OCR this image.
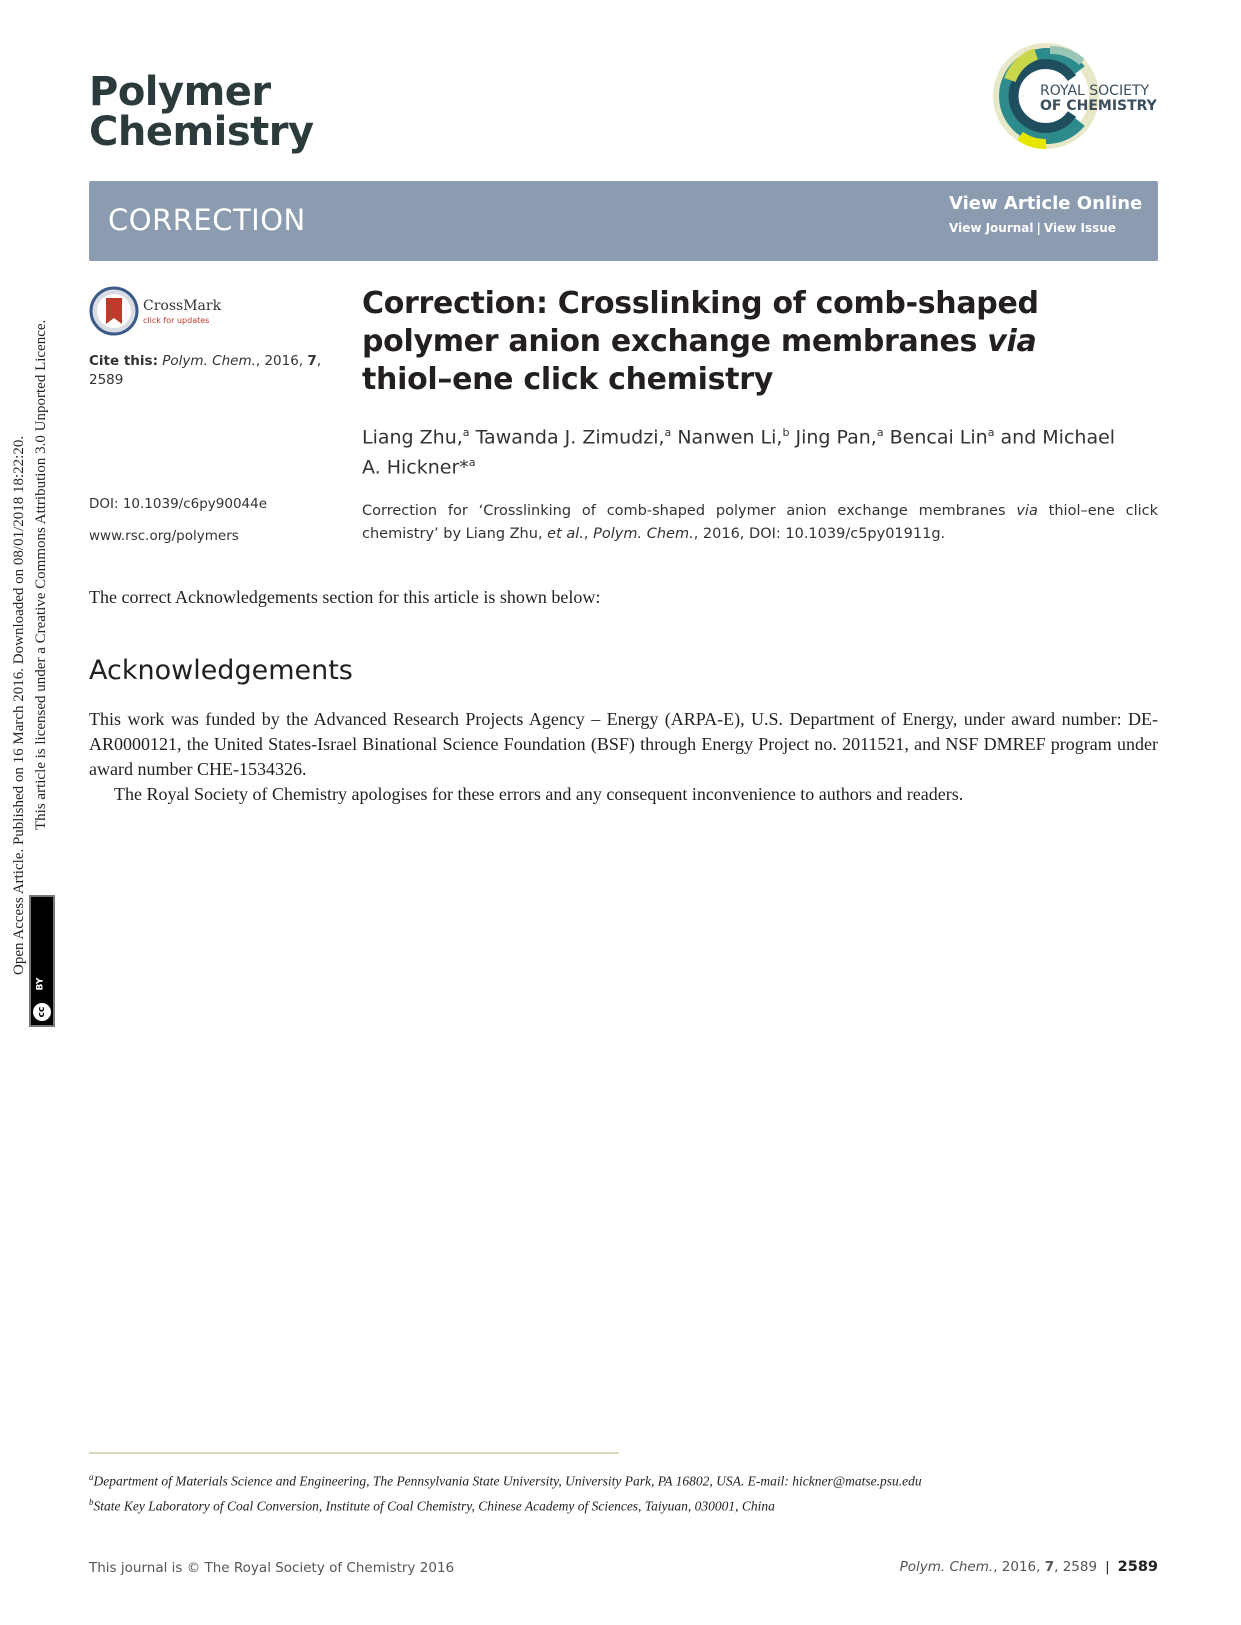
Polymer
Chemistry
ROYAL SOCIETY
OF CHEMISTRY
CORRECTION	View Article Online
View Journal | View Issue
CrossMark
click for updates
Cite this: Polym. Chem., 2016, 7,
2589
DOI: 10.1039/c6py90044e
www.rsc.org/polymers
Correction: Crosslinking of comb-shaped polymer anion exchange membranes via thiol–ene click chemistry
Liang Zhu,$^a$ Tawanda J. Zimudzi,$^a$ Nanwen Li,$^b$ Jing Pan,$^a$ Bencai Lin$^a$ and Michael A. Hickner*$^a$
Correction for ‘Crosslinking of comb-shaped polymer anion exchange membranes via thiol–ene click chemistry’ by Liang Zhu, et al., Polym. Chem., 2016, DOI: 10.1039/c5py01911g.
The correct Acknowledgements section for this article is shown below:
Acknowledgements

This work was funded by the Advanced Research Projects Agency – Energy (ARPA-E), U.S. Department of Energy, under award number: DE-AR0000121, the United States-Israel Binational Science Foundation (BSF) through Energy Project no. 2011521, and NSF DMREF program under award number CHE-1534326.

The Royal Society of Chemistry apologises for these errors and any consequent inconvenience to authors and readers.

Open Access Article. Published on 16 March 2016. Downloaded on 08/01/2018 18:22:20. This article is licensed under a Creative Commons Attribution 3.0 Unported Licence.
BY
cc
$^a$Department of Materials Science and Engineering, The Pennsylvania State University, University Park, PA 16802, USA. E-mail: hickner@matse.psu.edu
$^b$State Key Laboratory of Coal Conversion, Institute of Coal Chemistry, Chinese Academy of Sciences, Taiyuan, 030001, China
This journal is © The Royal Society of Chemistry 2016	Polym. Chem., 2016, 7, 2589 | 2589
